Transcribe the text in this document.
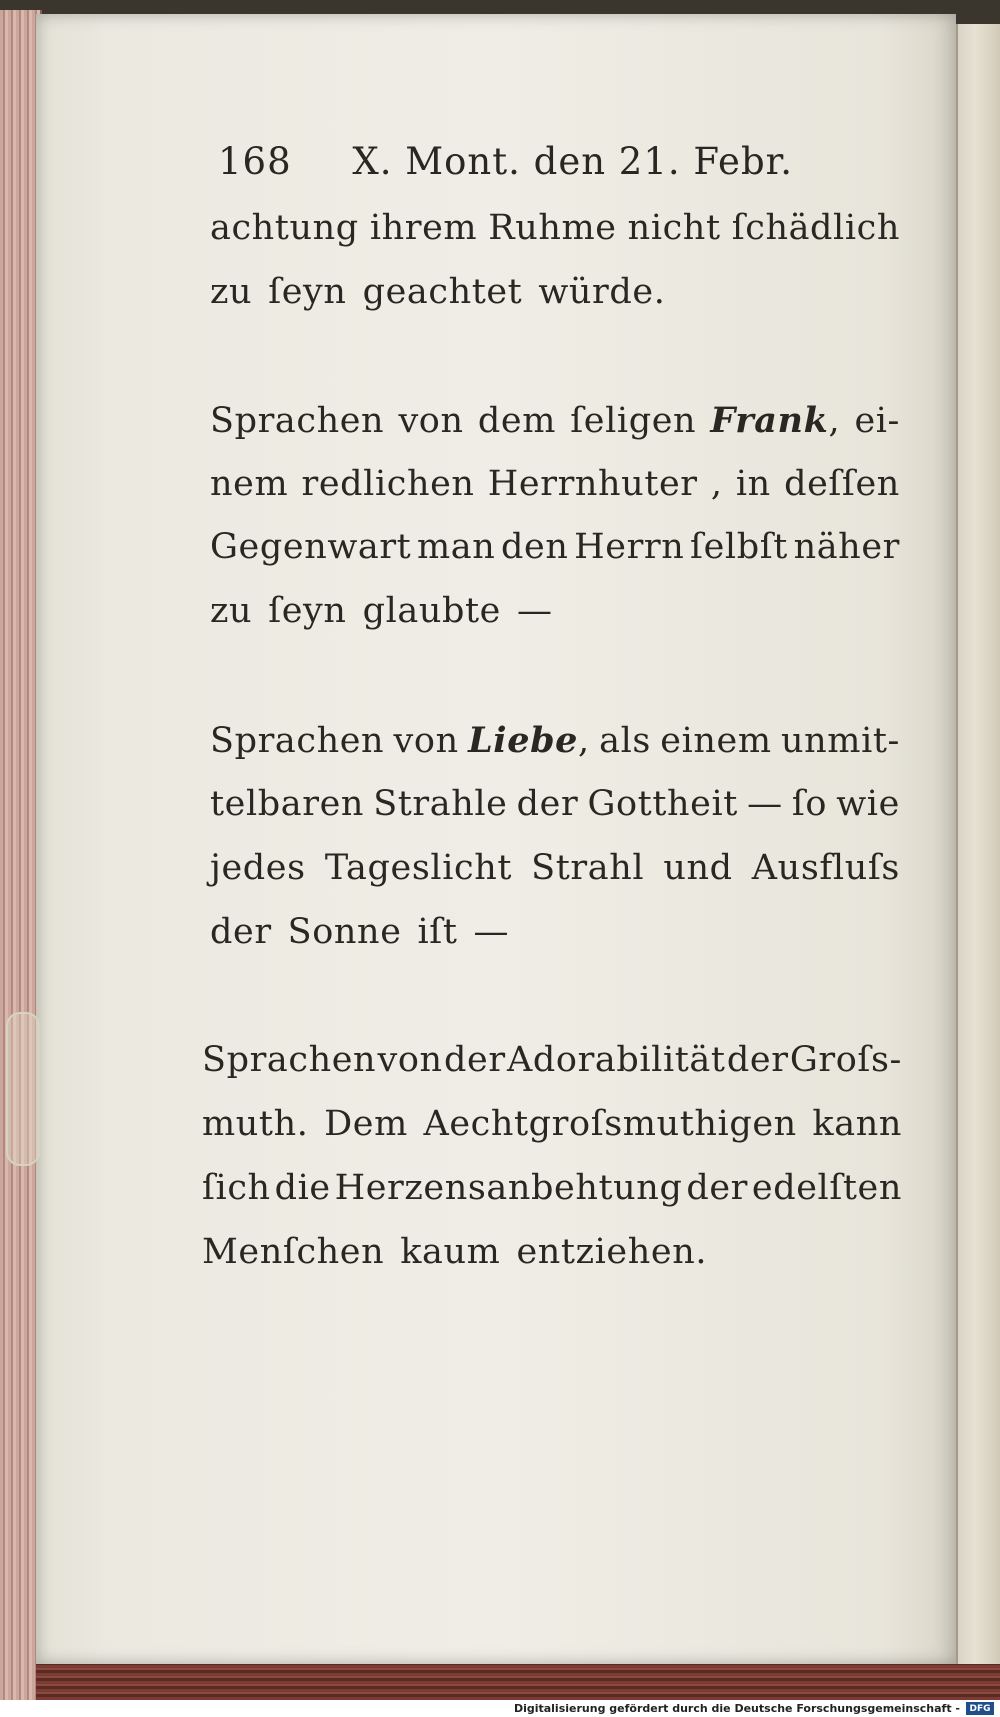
168 X. Mont. den 21. Febr.
achtung ihrem Ruhme nicht ſchädlich
zu ſeyn geachtet würde.
Sprachen von dem ſeligen Frank, ei-
nem redlichen Herrnhuter , in deſſen
Gegenwart man den Herrn ſelbſt näher
zu ſeyn glaubte —
Sprachen von Liebe, als einem unmit-
telbaren Strahle der Gottheit — ſo wie
jedes Tageslicht Strahl und Ausfluſs
der Sonne iſt —
Sprachen von der Adorabilität der Groſs-
muth. Dem Aechtgroſsmuthigen kann
ſich die Herzensanbehtung der edelſten
Menſchen kaum entziehen.
Digitalisierung gefördert durch die Deutsche Forschungsgemeinschaft - DFG
